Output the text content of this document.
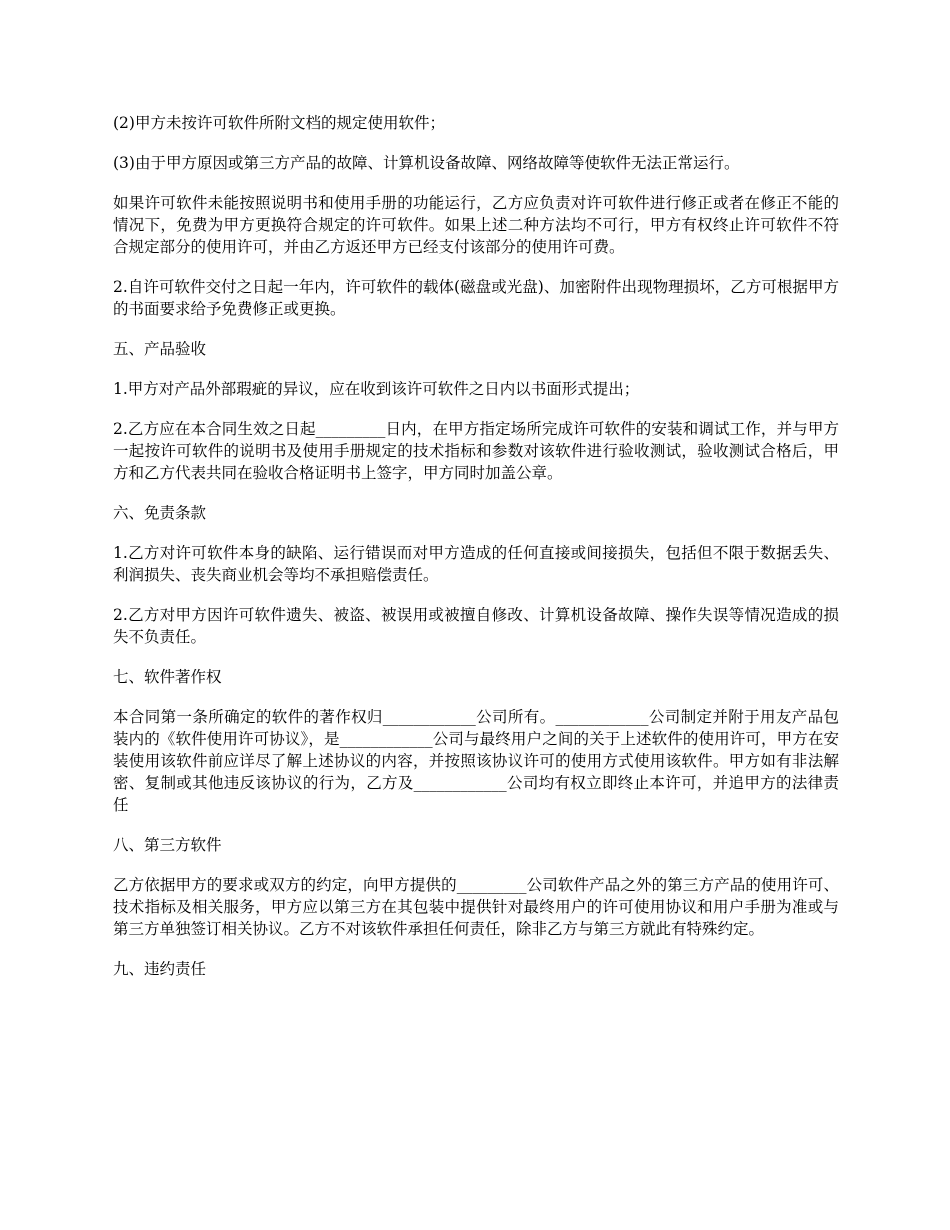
(2)甲方未按许可软件所附文档的规定使用软件；

(3)由于甲方原因或第三方产品的故障、计算机设备故障、网络故障等使软件无法正常运行。

如果许可软件未能按照说明书和使用手册的功能运行，乙方应负责对许可软件进行修正或者在修正不能的情况下，免费为甲方更换符合规定的许可软件。如果上述二种方法均不可行，甲方有权终止许可软件不符合规定部分的使用许可，并由乙方返还甲方已经支付该部分的使用许可费。

2.自许可软件交付之日起一年内，许可软件的载体(磁盘或光盘)、加密附件出现物理损坏，乙方可根据甲方的书面要求给予免费修正或更换。

五、产品验收

1.甲方对产品外部瑕疵的异议，应在收到该许可软件之日内以书面形式提出；

2.乙方应在本合同生效之日起_________日内，在甲方指定场所完成许可软件的安装和调试工作，并与甲方一起按许可软件的说明书及使用手册规定的技术指标和参数对该软件进行验收测试，验收测试合格后，甲方和乙方代表共同在验收合格证明书上签字，甲方同时加盖公章。

六、免责条款

1.乙方对许可软件本身的缺陷、运行错误而对甲方造成的任何直接或间接损失，包括但不限于数据丢失、利润损失、丧失商业机会等均不承担赔偿责任。

2.乙方对甲方因许可软件遗失、被盗、被误用或被擅自修改、计算机设备故障、操作失误等情况造成的损失不负责任。

七、软件著作权

本合同第一条所确定的软件的著作权归____________公司所有。____________公司制定并附于用友产品包装内的《软件使用许可协议》，是____________公司与最终用户之间的关于上述软件的使用许可，甲方在安装使用该软件前应详尽了解上述协议的内容，并按照该协议许可的使用方式使用该软件。甲方如有非法解密、复制或其他违反该协议的行为，乙方及____________公司均有权立即终止本许可，并追甲方的法律责任

八、第三方软件

乙方依据甲方的要求或双方的约定，向甲方提供的_________公司软件产品之外的第三方产品的使用许可、技术指标及相关服务，甲方应以第三方在其包装中提供针对最终用户的许可使用协议和用户手册为准或与第三方单独签订相关协议。乙方不对该软件承担任何责任，除非乙方与第三方就此有特殊约定。

九、违约责任
